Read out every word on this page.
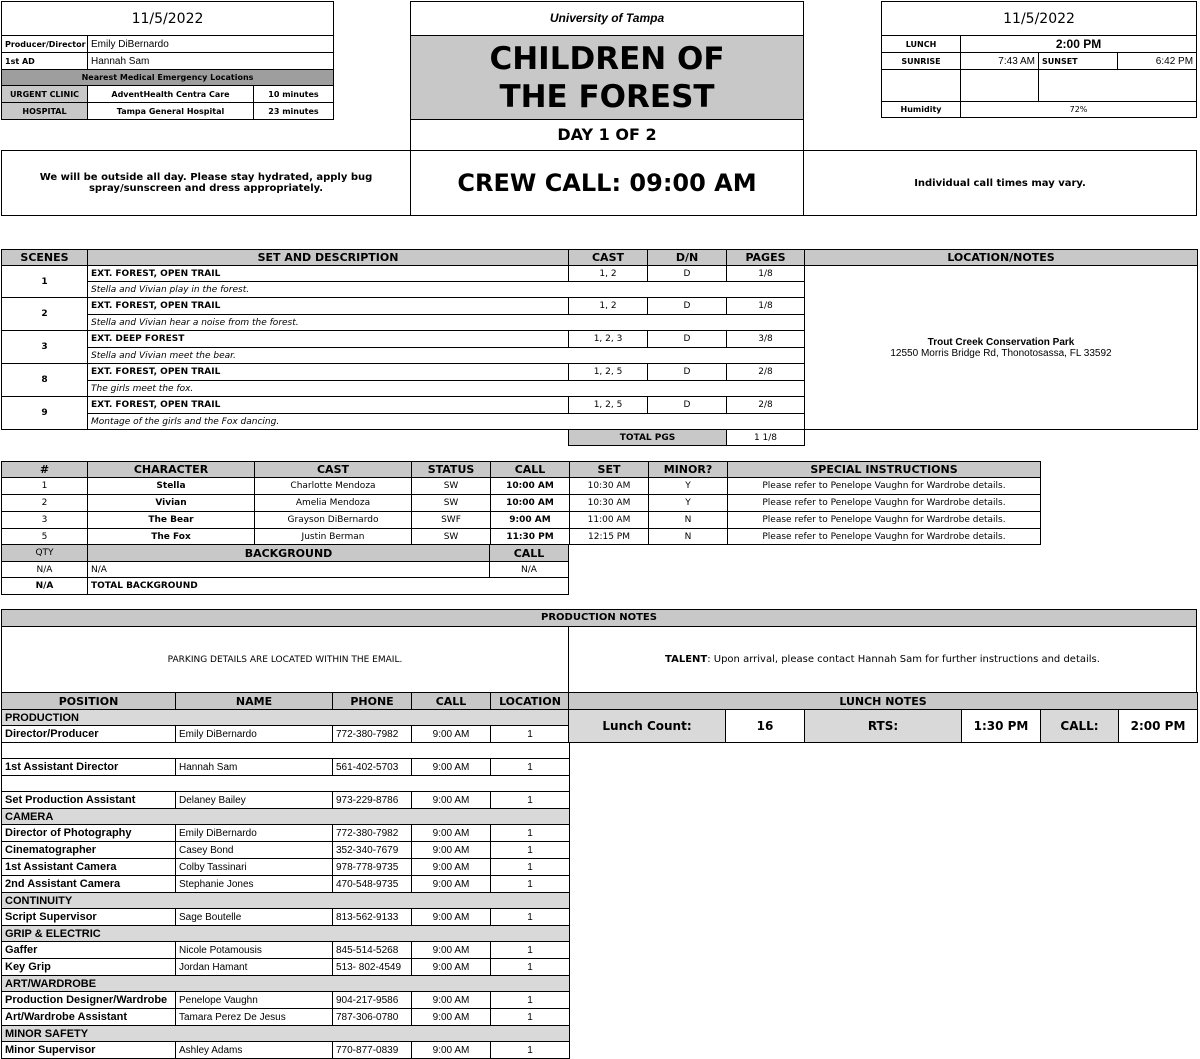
11/5/2022		
Producer/Director	Emily DiBernardo	
1st AD	Hannah Sam	
Nearest Medical Emergency Locations		
URGENT CLINIC	AdventHealth Centra Care	10 minutes
HOSPITAL	Tampa General Hospital	23 minutes
University of Tampa
CHILDREN OF THE FOREST
DAY 1 OF 2
11/5/2022			
LUNCH	2:00 PM		
SUNRISE	7:43 AM	SUNSET	6:42 PM

Humidity	72%		
We will be outside all day. Please stay hydrated, apply bug spray/sunscreen and dress appropriately.	CREW CALL: 09:00 AM	Individual call times may vary.
SCENES	SET AND DESCRIPTION	CAST	D/N	PAGES	LOCATION/NOTES
1	EXT. FOREST, OPEN TRAIL	1, 2	D	1/8	Trout Creek Conservation Park
12550 Morris Bridge Rd, Thonotosassa, FL 33592

	Stella and Vivian play in the forest.				
2	EXT. FOREST, OPEN TRAIL	1, 2	D	1/8	
	Stella and Vivian hear a noise from the forest.				
3	EXT. DEEP FOREST	1, 2, 3	D	3/8	
	Stella and Vivian meet the bear.				
8	EXT. FOREST, OPEN TRAIL	1, 2, 5	D	2/8	
	The girls meet the fox.				
9	EXT. FOREST, OPEN TRAIL	1, 2, 5	D	2/8	
	Montage of the girls and the Fox dancing.				
		TOTAL PGS		1 1/8	
#	CHARACTER	CAST	STATUS	CALL	SET	MINOR?	SPECIAL INSTRUCTIONS
1	Stella	Charlotte Mendoza	SW	10:00 AM	10:30 AM	Y	Please refer to Penelope Vaughn for Wardrobe details.
2	Vivian	Amelia Mendoza	SW	10:00 AM	10:30 AM	Y	Please refer to Penelope Vaughn for Wardrobe details.
3	The Bear	Grayson DiBernardo	SWF	9:00 AM	11:00 AM	N	Please refer to Penelope Vaughn for Wardrobe details.
5	The Fox	Justin Berman	SW	11:30 PM	12:15 PM	N	Please refer to Penelope Vaughn for Wardrobe details.
QTY	BACKGROUND	CALL
N/A	N/A	N/A
N/A	TOTAL BACKGROUND	
PRODUCTION NOTES
PARKING DETAILS ARE LOCATED WITHIN THE EMAIL.	TALENT : Upon arrival, please contact Hannah Sam for further instructions and details.
POSITION	NAME	PHONE	CALL	LOCATION
PRODUCTION				
Director/Producer	Emily DiBernardo	772-380-7982	9:00 AM	1

1st Assistant Director	Hannah Sam	561-402-5703	9:00 AM	1

Set Production Assistant	Delaney Bailey	973-229-8786	9:00 AM	1
CAMERA				
Director of Photography	Emily DiBernardo	772-380-7982	9:00 AM	1
Cinematographer	Casey Bond	352-340-7679	9:00 AM	1
1st Assistant Camera	Colby Tassinari	978-778-9735	9:00 AM	1
2nd Assistant Camera	Stephanie Jones	470-548-9735	9:00 AM	1
CONTINUITY				
Script Supervisor	Sage Boutelle	813-562-9133	9:00 AM	1
GRIP & ELECTRIC				
Gaffer	Nicole Potamousis	845-514-5268	9:00 AM	1
Key Grip	Jordan Hamant	513- 802-4549	9:00 AM	1
ART/WARDROBE				
Production Designer/Wardrobe	Penelope Vaughn	904-217-9586	9:00 AM	1
Art/Wardrobe Assistant	Tamara Perez De Jesus	787-306-0780	9:00 AM	1
MINOR SAFETY				
Minor Supervisor	Ashley Adams	770-877-0839	9:00 AM	1
LUNCH NOTES
Lunch Count:	16	RTS:	1:30 PM	CALL:	2:00 PM
